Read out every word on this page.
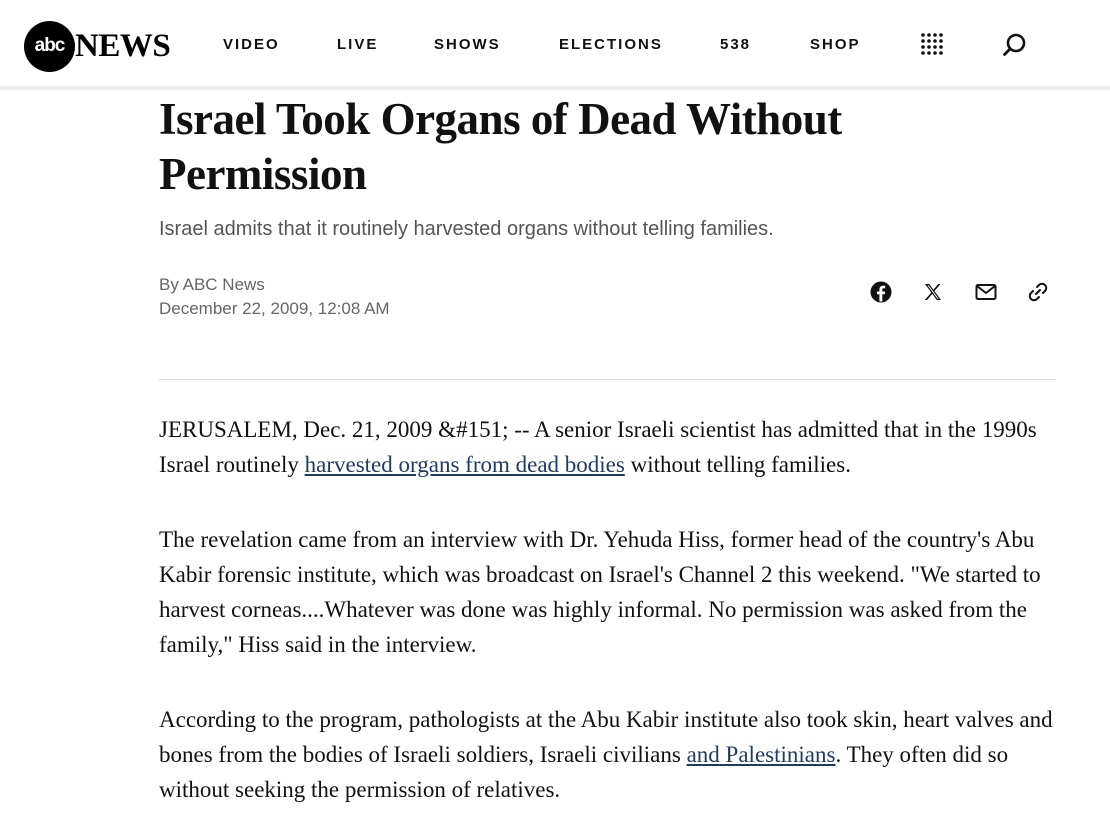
abc NEWS	VIDEO	LIVE	SHOWS	ELECTIONS	538	SHOP
Israel Took Organs of Dead Without
Permission

Israel admits that it routinely harvested organs without telling families.

By ABC News
December 22, 2009, 12:08 AM

JERUSALEM, Dec. 21, 2009 &#151; -- A senior Israeli scientist has admitted that in the 1990s Israel routinely harvested organs from dead bodies without telling families.

The revelation came from an interview with Dr. Yehuda Hiss, former head of the country's Abu Kabir forensic institute, which was broadcast on Israel's Channel 2 this weekend. "We started to harvest corneas....Whatever was done was highly informal. No permission was asked from the family," Hiss said in the interview.

According to the program, pathologists at the Abu Kabir institute also took skin, heart valves and bones from the bodies of Israeli soldiers, Israeli civilians and Palestinians. They often did so without seeking the permission of relatives.
